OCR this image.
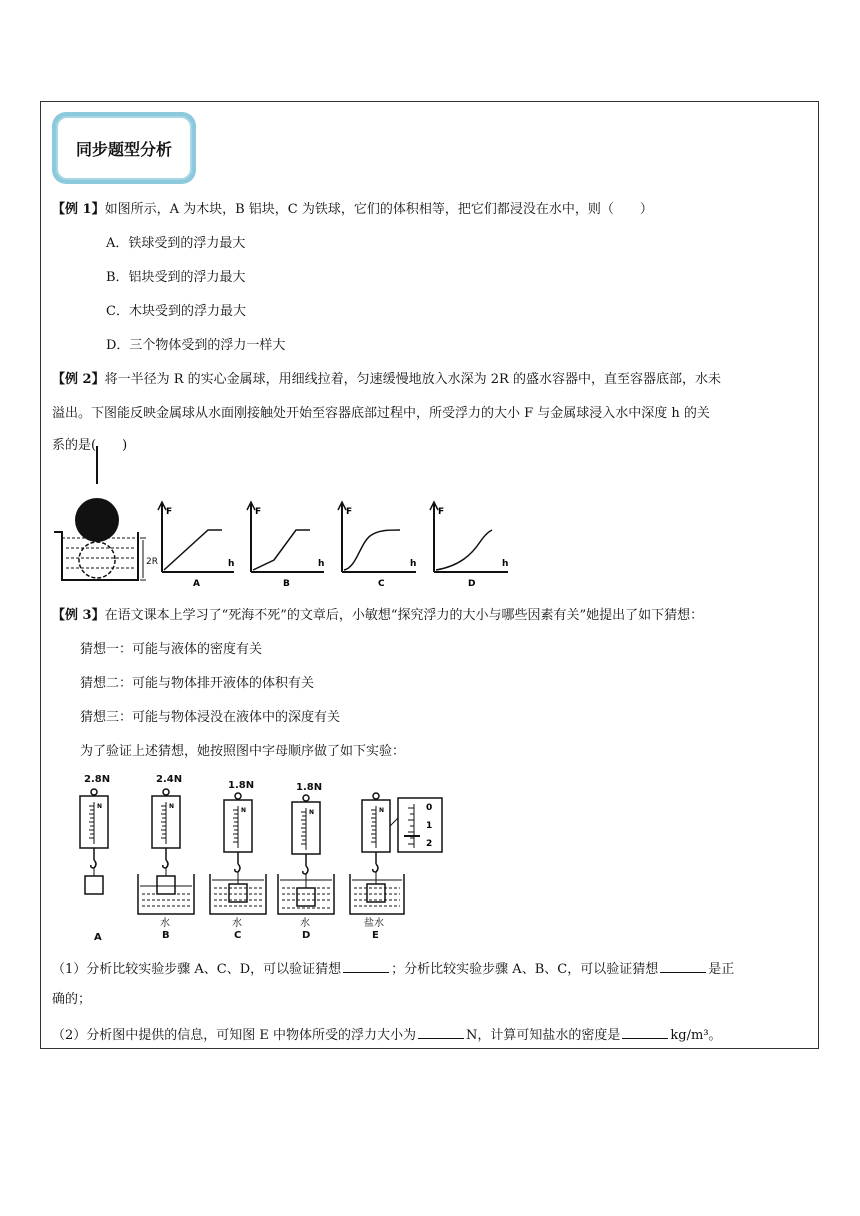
同步题型分析
【例 1】如图所示，A 为木块，B 铝块，C 为铁球，它们的体积相等，把它们都浸没在水中，则（　　）
A．铁球受到的浮力最大
B．铝块受到的浮力最大
C．木块受到的浮力最大
D．三个物体受到的浮力一样大
【例 2】将一半径为 R 的实心金属球，用细线拉着，匀速缓慢地放入水深为 2R 的盛水容器中，直至容器底部，水未
溢出。下图能反映金属球从水面刚接触处开始至容器底部过程中，所受浮力的大小 F 与金属球浸入水中深度 h 的关
系的是(　　)
2R
F
h
A
F
h
B
F
h
C
F
h
D
【例 3】在语文课本上学习了“死海不死”的文章后，小敏想“探究浮力的大小与哪些因素有关”她提出了如下猜想：
猜想一：可能与液体的密度有关
猜想二：可能与物体排开液体的体积有关
猜想三：可能与物体浸没在液体中的深度有关
为了验证上述猜想，她按照图中字母顺序做了如下实验：
2.8N	2.4N
1.8N	1.8N
N	N
N	N	N	0
1
2
水	水	水	盐水
A	B	C	D	E
（1）分析比较实验步骤 A、C、D，可以验证猜想	；分析比较实验步骤 A、B、C，可以验证猜想	是正
确的；
（2）分析图中提供的信息，可知图 E 中物体所受的浮力大小为	N，计算可知盐水的密度是	kg/m³。
